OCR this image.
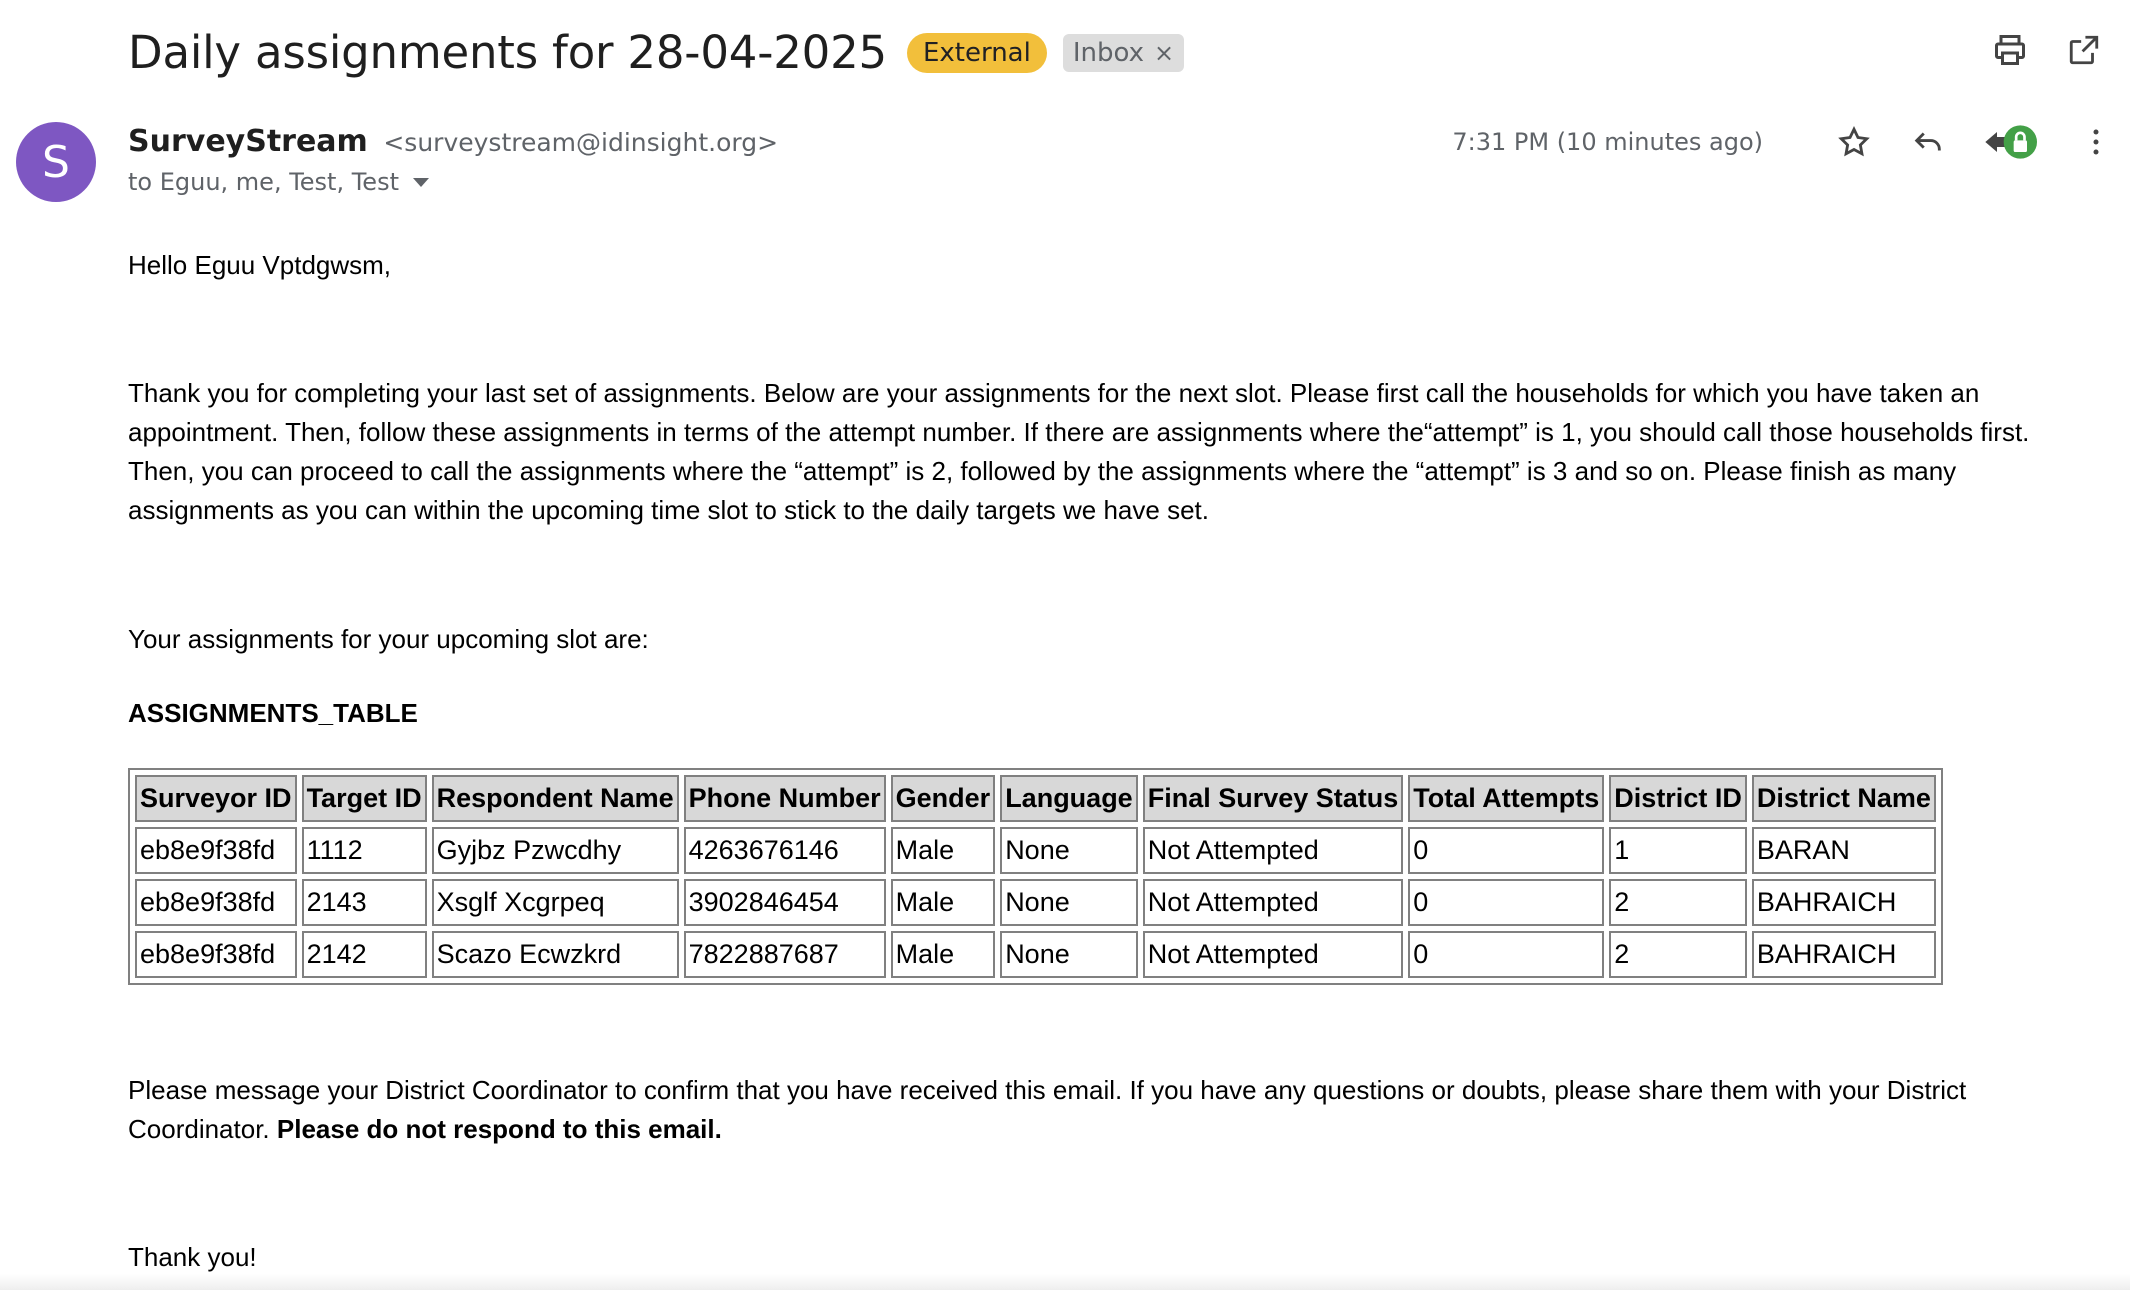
Daily assignments for 28-04-2025	External	Inbox ×
S	SurveyStream <surveystream@idinsight.org>
to Eguu, me, Test, Test
7:31 PM (10 minutes ago)
Hello Eguu Vptdgwsm,
Thank you for completing your last set of assignments. Below are your assignments for the next slot. Please first call the households for which you have taken an appointment. Then, follow these assignments in terms of the attempt number. If there are assignments where the“attempt” is 1, you should call those households first. Then, you can proceed to call the assignments where the “attempt” is 2, followed by the assignments where the “attempt” is 3 and so on. Please finish as many assignments as you can within the upcoming time slot to stick to the daily targets we have set.
Your assignments for your upcoming slot are:
ASSIGNMENTS_TABLE
Surveyor ID	Target ID	Respondent Name	Phone Number	Gender	Language	Final Survey Status	Total Attempts	District ID	District Name
eb8e9f38fd	1112	Gyjbz Pzwcdhy	4263676146	Male	None	Not Attempted	0	1	BARAN
eb8e9f38fd	2143	Xsglf Xcgrpeq	3902846454	Male	None	Not Attempted	0	2	BAHRAICH
eb8e9f38fd	2142	Scazo Ecwzkrd	7822887687	Male	None	Not Attempted	0	2	BAHRAICH
Please message your District Coordinator to confirm that you have received this email. If you have any questions or doubts, please share them with your District Coordinator. Please do not respond to this email.
Thank you!
